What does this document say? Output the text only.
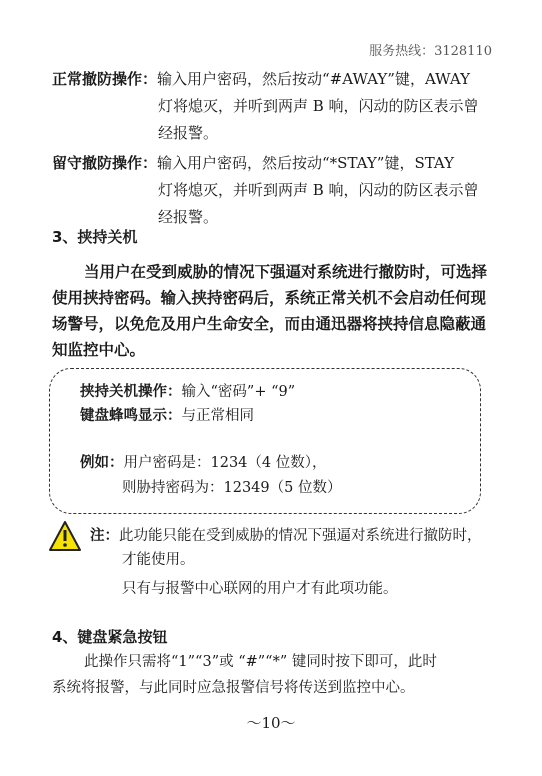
服务热线：3128110
正常撤防操作：输入用户密码，然后按动“#AWAY”键，AWAY
灯将熄灭，并听到两声 B 响，闪动的防区表示曾
经报警。
留守撤防操作：输入用户密码，然后按动“*STAY”键，STAY
灯将熄灭，并听到两声 B 响，闪动的防区表示曾
经报警。
3、挟持关机
当用户在受到威胁的情况下强逼对系统进行撤防时，可选择
使用挟持密码。输入挟持密码后，系统正常关机不会启动任何现
场警号，以免危及用户生命安全，而由通迅器将挟持信息隐蔽通
知监控中心。
挟持关机操作：输入“密码”+ “9”
键盘蜂鸣显示：与正常相同
例如：用户密码是：1234（4 位数），
则胁持密码为：12349（5 位数）
注：此功能只能在受到威胁的情况下强逼对系统进行撤防时，
才能使用。
只有与报警中心联网的用户才有此项功能。
4、键盘紧急按钮
此操作只需将“1”“3”或 “#”“*” 键同时按下即可，此时
系统将报警，与此同时应急报警信号将传送到监控中心。
～10～
